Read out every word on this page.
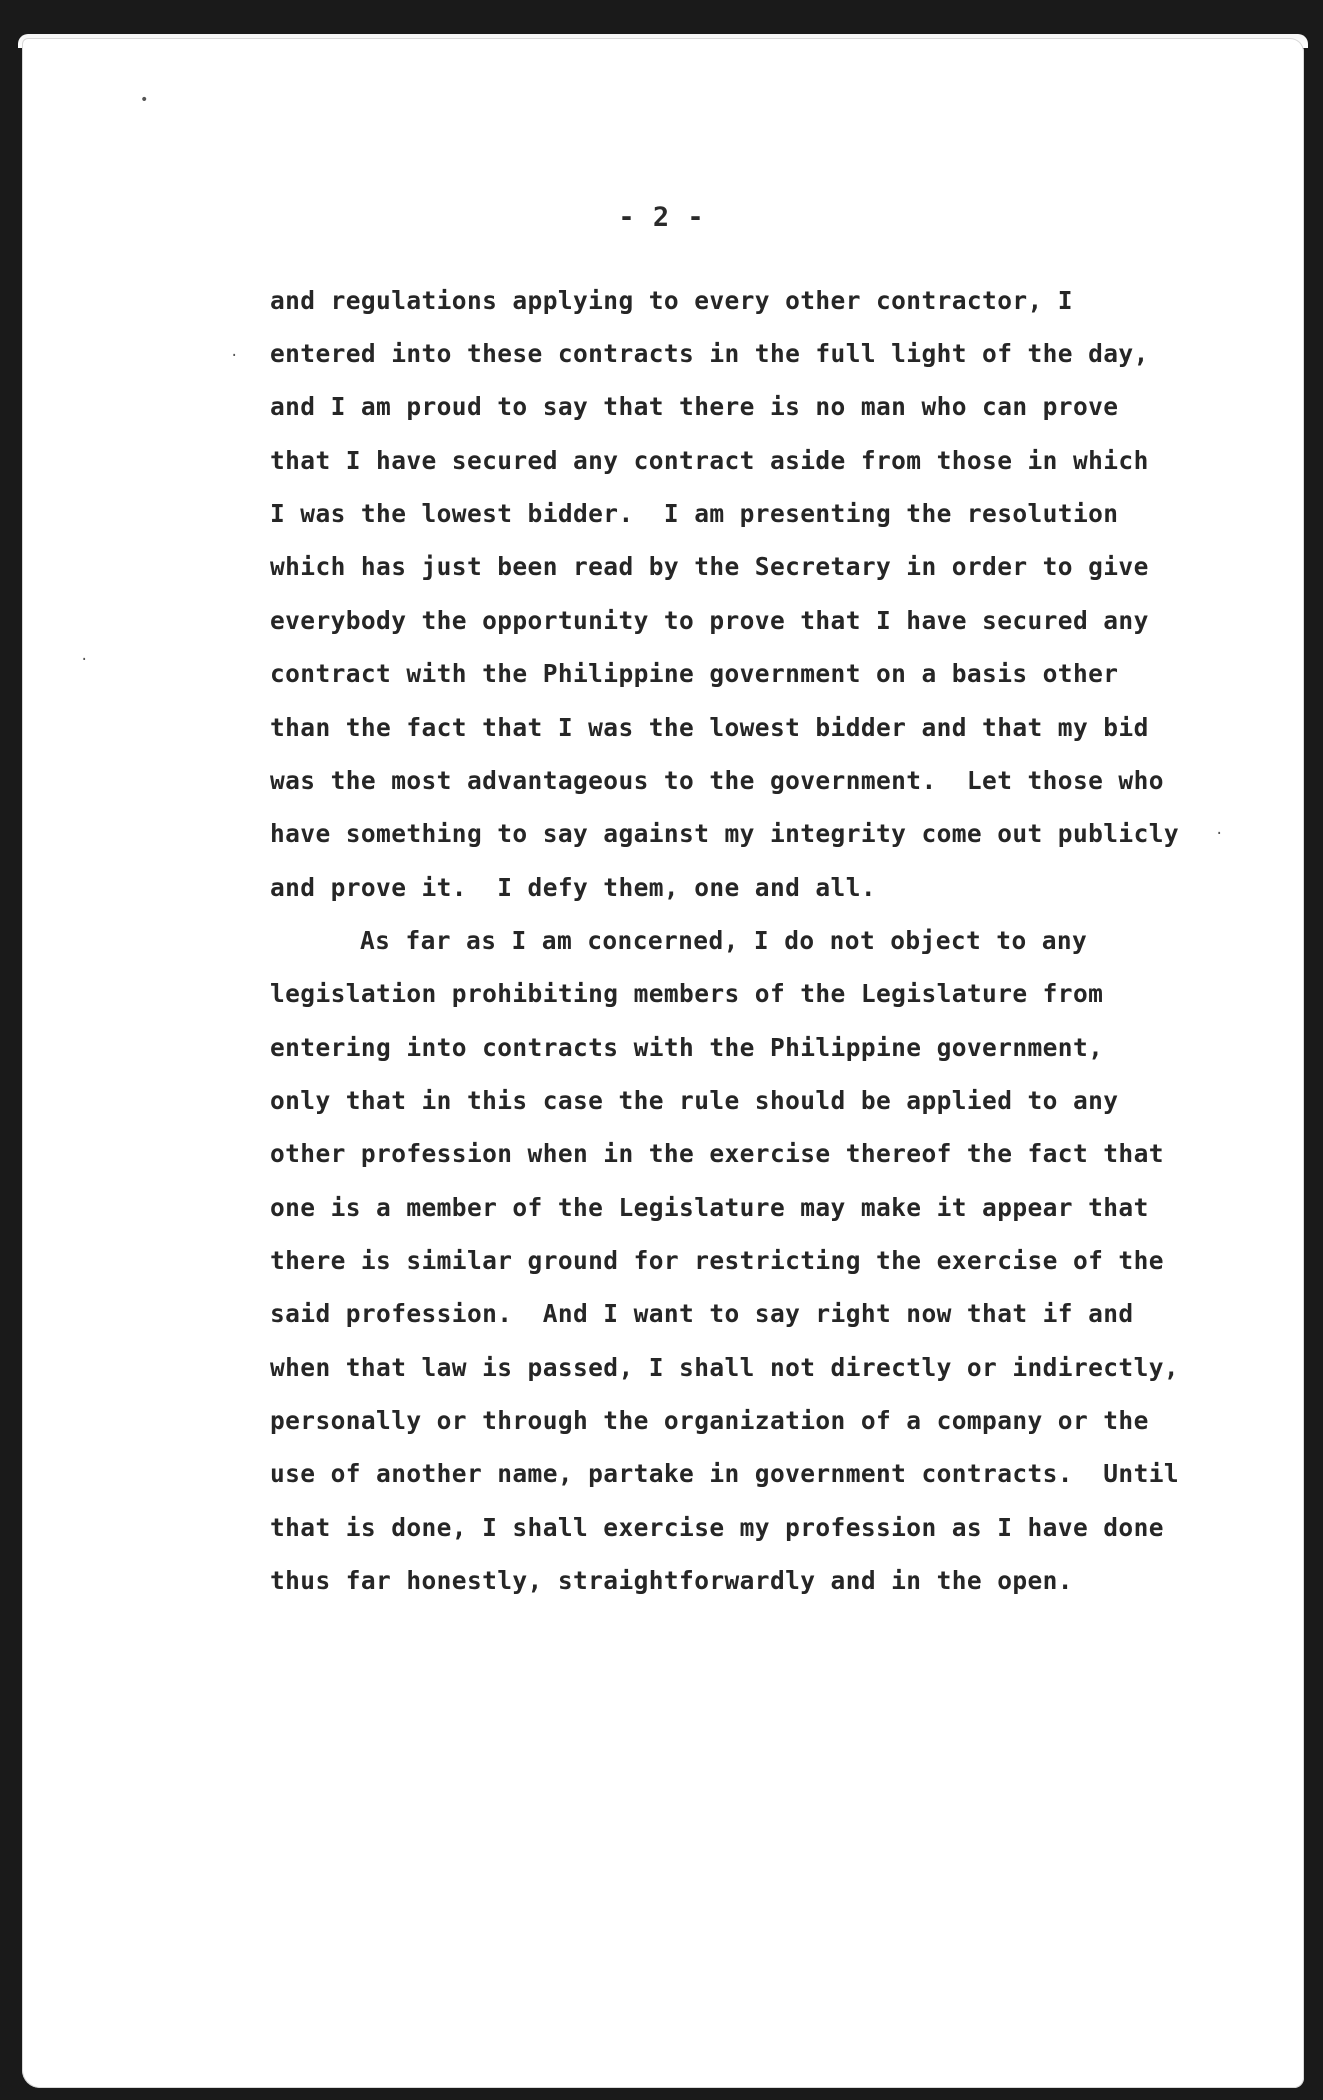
- 2 -
and regulations applying to every other contractor, I
entered into these contracts in the full light of the day,
and I am proud to say that there is no man who can prove
that I have secured any contract aside from those in which
I was the lowest bidder.  I am presenting the resolution
which has just been read by the Secretary in order to give
everybody the opportunity to prove that I have secured any
contract with the Philippine government on a basis other
than the fact that I was the lowest bidder and that my bid
was the most advantageous to the government.  Let those who
have something to say against my integrity come out publicly
and prove it.  I defy them, one and all.
As far as I am concerned, I do not object to any
legislation prohibiting members of the Legislature from
entering into contracts with the Philippine government,
only that in this case the rule should be applied to any
other profession when in the exercise thereof the fact that
one is a member of the Legislature may make it appear that
there is similar ground for restricting the exercise of the
said profession.  And I want to say right now that if and
when that law is passed, I shall not directly or indirectly,
personally or through the organization of a company or the
use of another name, partake in government contracts.  Until
that is done, I shall exercise my profession as I have done
thus far honestly, straightforwardly and in the open.
•
·
·
·
